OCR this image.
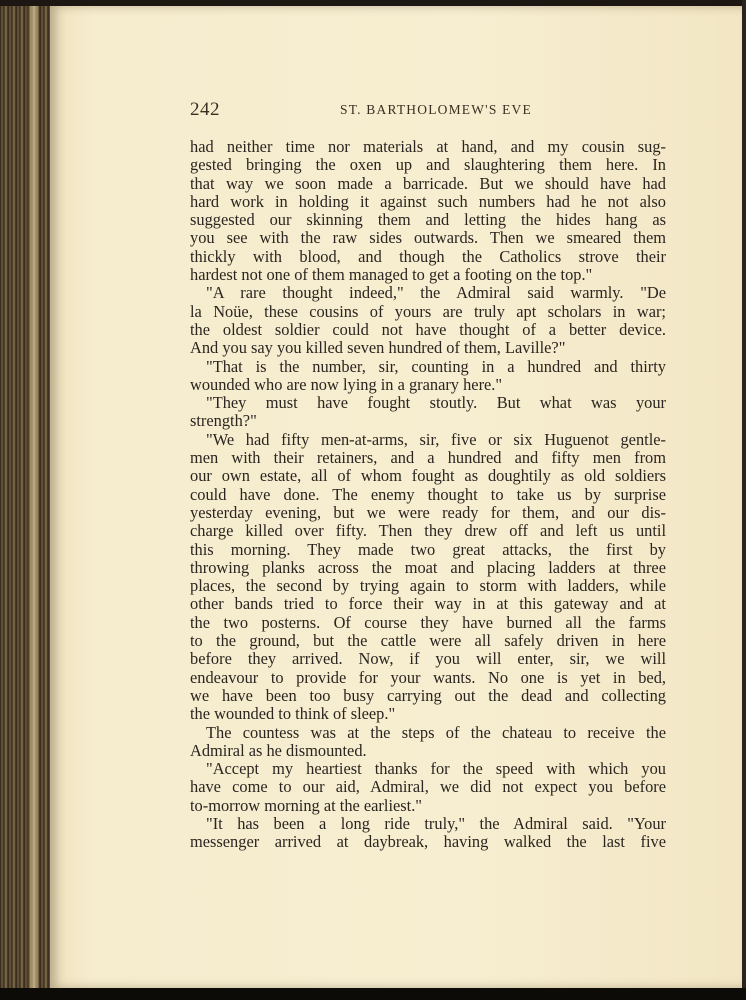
242	ST. BARTHOLOMEW'S EVE

had neither time nor materials at hand, and my cousin sug-

gested bringing the oxen up and slaughtering them here. In

that way we soon made a barricade. But we should have had

hard work in holding it against such numbers had he not also

suggested our skinning them and letting the hides hang as

you see with the raw sides outwards. Then we smeared them

thickly with blood, and though the Catholics strove their

hardest not one of them managed to get a footing on the top."

"A rare thought indeed," the Admiral said warmly. "De

la Noüe, these cousins of yours are truly apt scholars in war;

the oldest soldier could not have thought of a better device.

And you say you killed seven hundred of them, Laville?"

"That is the number, sir, counting in a hundred and thirty

wounded who are now lying in a granary here."

"They must have fought stoutly. But what was your

strength?"

"We had fifty men-at-arms, sir, five or six Huguenot gentle-

men with their retainers, and a hundred and fifty men from

our own estate, all of whom fought as doughtily as old soldiers

could have done. The enemy thought to take us by surprise

yesterday evening, but we were ready for them, and our dis-

charge killed over fifty. Then they drew off and left us until

this morning. They made two great attacks, the first by

throwing planks across the moat and placing ladders at three

places, the second by trying again to storm with ladders, while

other bands tried to force their way in at this gateway and at

the two posterns. Of course they have burned all the farms

to the ground, but the cattle were all safely driven in here

before they arrived. Now, if you will enter, sir, we will

endeavour to provide for your wants. No one is yet in bed,

we have been too busy carrying out the dead and collecting

the wounded to think of sleep."

The countess was at the steps of the chateau to receive the

Admiral as he dismounted.

"Accept my heartiest thanks for the speed with which you

have come to our aid, Admiral, we did not expect you before

to-morrow morning at the earliest."

"It has been a long ride truly," the Admiral said. "Your

messenger arrived at daybreak, having walked the last five
